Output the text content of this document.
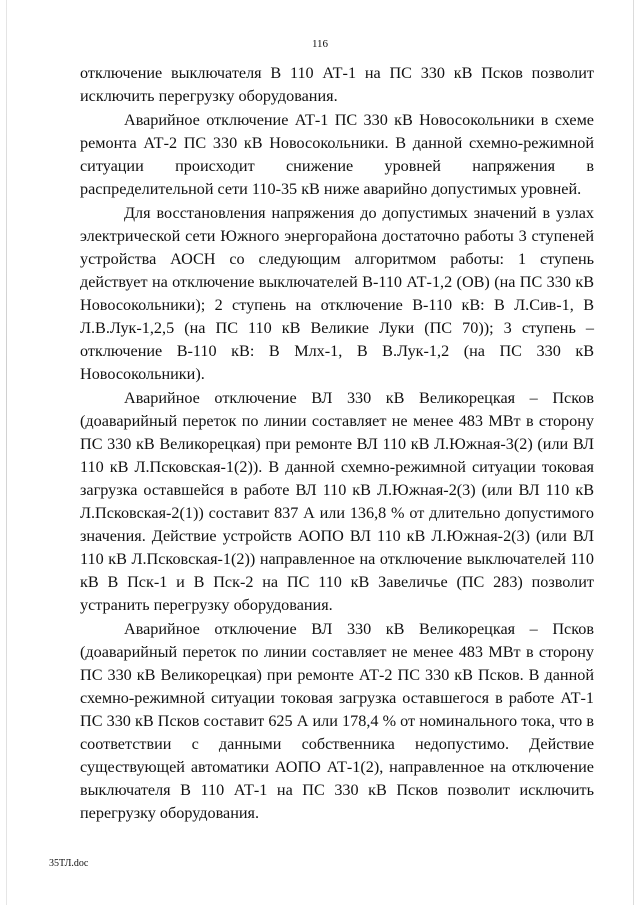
116

отключение выключателя В 110 АТ-1 на ПС 330 кВ Псков позволит исключить перегрузку оборудования.

Аварийное отключение АТ-1 ПС 330 кВ Новосокольники в схеме ремонта АТ-2 ПС 330 кВ Новосокольники. В данной схемно-режимной ситуации происходит снижение уровней напряжения в распределительной сети 110-35 кВ ниже аварийно допустимых уровней.

Для восстановления напряжения до допустимых значений в узлах электрической сети Южного энергорайона достаточно работы 3 ступеней устройства АОСН со следующим алгоритмом работы: 1 ступень действует на отключение выключателей В-110 АТ-1,2 (ОВ) (на ПС 330 кВ Новосокольники); 2 ступень на отключение В-110 кВ: В Л.Сив-1, В Л.В.Лук-1,2,5 (на ПС 110 кВ Великие Луки (ПС 70)); 3 ступень – отключение В-110 кВ: В Млх-1, В В.Лук-1,2 (на ПС 330 кВ Новосокольники).

Аварийное отключение ВЛ 330 кВ Великорецкая – Псков (доаварийный переток по линии составляет не менее 483 МВт в сторону ПС 330 кВ Великорецкая) при ремонте ВЛ 110 кВ Л.Южная-3(2) (или ВЛ 110 кВ Л.Псковская-1(2)). В данной схемно-режимной ситуации токовая загрузка оставшейся в работе ВЛ 110 кВ Л.Южная-2(3) (или ВЛ 110 кВ Л.Псковская-2(1)) составит 837 А или 136,8 % от длительно допустимого значения. Действие устройств АОПО ВЛ 110 кВ Л.Южная-2(3) (или ВЛ 110 кВ Л.Псковская-1(2)) направленное на отключение выключателей 110 кВ В Пск-1 и В Пск-2 на ПС 110 кВ Завеличье (ПС 283) позволит устранить перегрузку оборудования.

Аварийное отключение ВЛ 330 кВ Великорецкая – Псков (доаварийный переток по линии составляет не менее 483 МВт в сторону ПС 330 кВ Великорецкая) при ремонте АТ-2 ПС 330 кВ Псков. В данной схемно-режимной ситуации токовая загрузка оставшегося в работе АТ-1 ПС 330 кВ Псков составит 625 А или 178,4 % от номинального тока, что в соответствии с данными собственника недопустимо. Действие существующей автоматики АОПО АТ-1(2), направленное на отключение выключателя В 110 АТ-1 на ПС 330 кВ Псков позволит исключить перегрузку оборудования.

35ТЛ.doc
